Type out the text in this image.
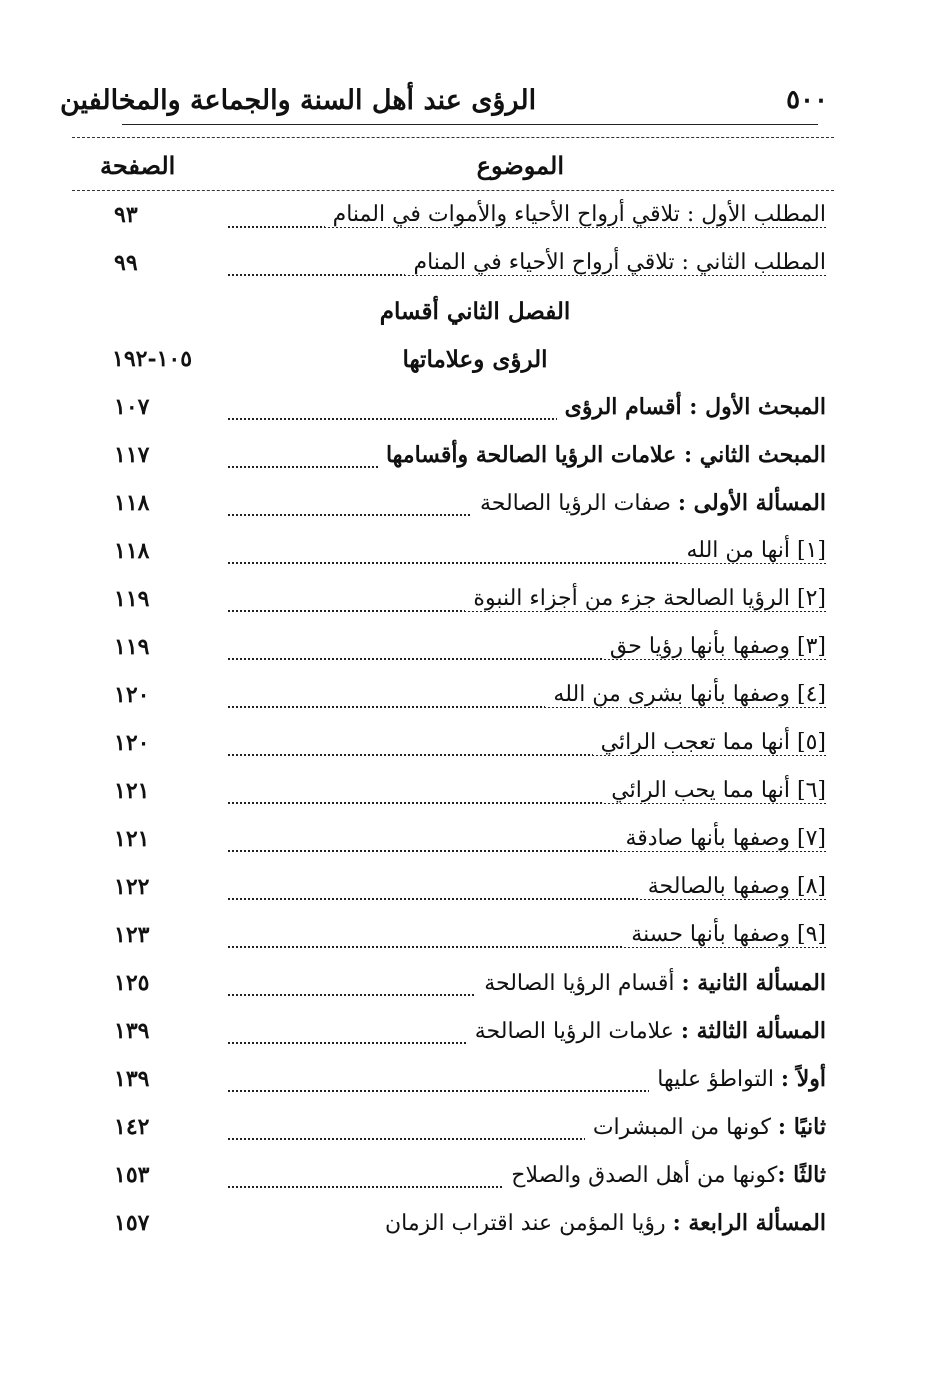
٥٠٠
الرؤى عند أهل السنة والجماعة والمخالفين
الموضوع
الصفحة
المطلب الأول : تلاقي أرواح الأحياء والأموات في المنام
٩٣
المطلب الثاني : تلاقي أرواح الأحياء في المنام
٩٩
الفصل الثاني أقسام
الرؤى وعلاماتها
١٠٥-١٩٢
المبحث الأول : أقسام الرؤى
١٠٧
المبحث الثاني : علامات الرؤيا الصالحة وأقسامها
١١٧
المسألة الأولى : صفات الرؤيا الصالحة
١١٨
[١] أنها من الله
١١٨
[٢] الرؤيا الصالحة جزء من أجزاء النبوة
١١٩
[٣] وصفها بأنها رؤيا حق
١١٩
[٤] وصفها بأنها بشرى من الله
١٢٠
[٥] أنها مما تعجب الرائي
١٢٠
[٦] أنها مما يحب الرائي
١٢١
[٧] وصفها بأنها صادقة
١٢١
[٨] وصفها بالصالحة
١٢٢
[٩] وصفها بأنها حسنة
١٢٣
المسألة الثانية : أقسام الرؤيا الصالحة
١٢٥
المسألة الثالثة : علامات الرؤيا الصالحة
١٣٩
أولاً : التواطؤ عليها
١٣٩
ثانيًا : كونها من المبشرات
١٤٢
ثالثًا :كونها من أهل الصدق والصلاح
١٥٣
المسألة الرابعة : رؤيا المؤمن عند اقتراب الزمان
١٥٧
